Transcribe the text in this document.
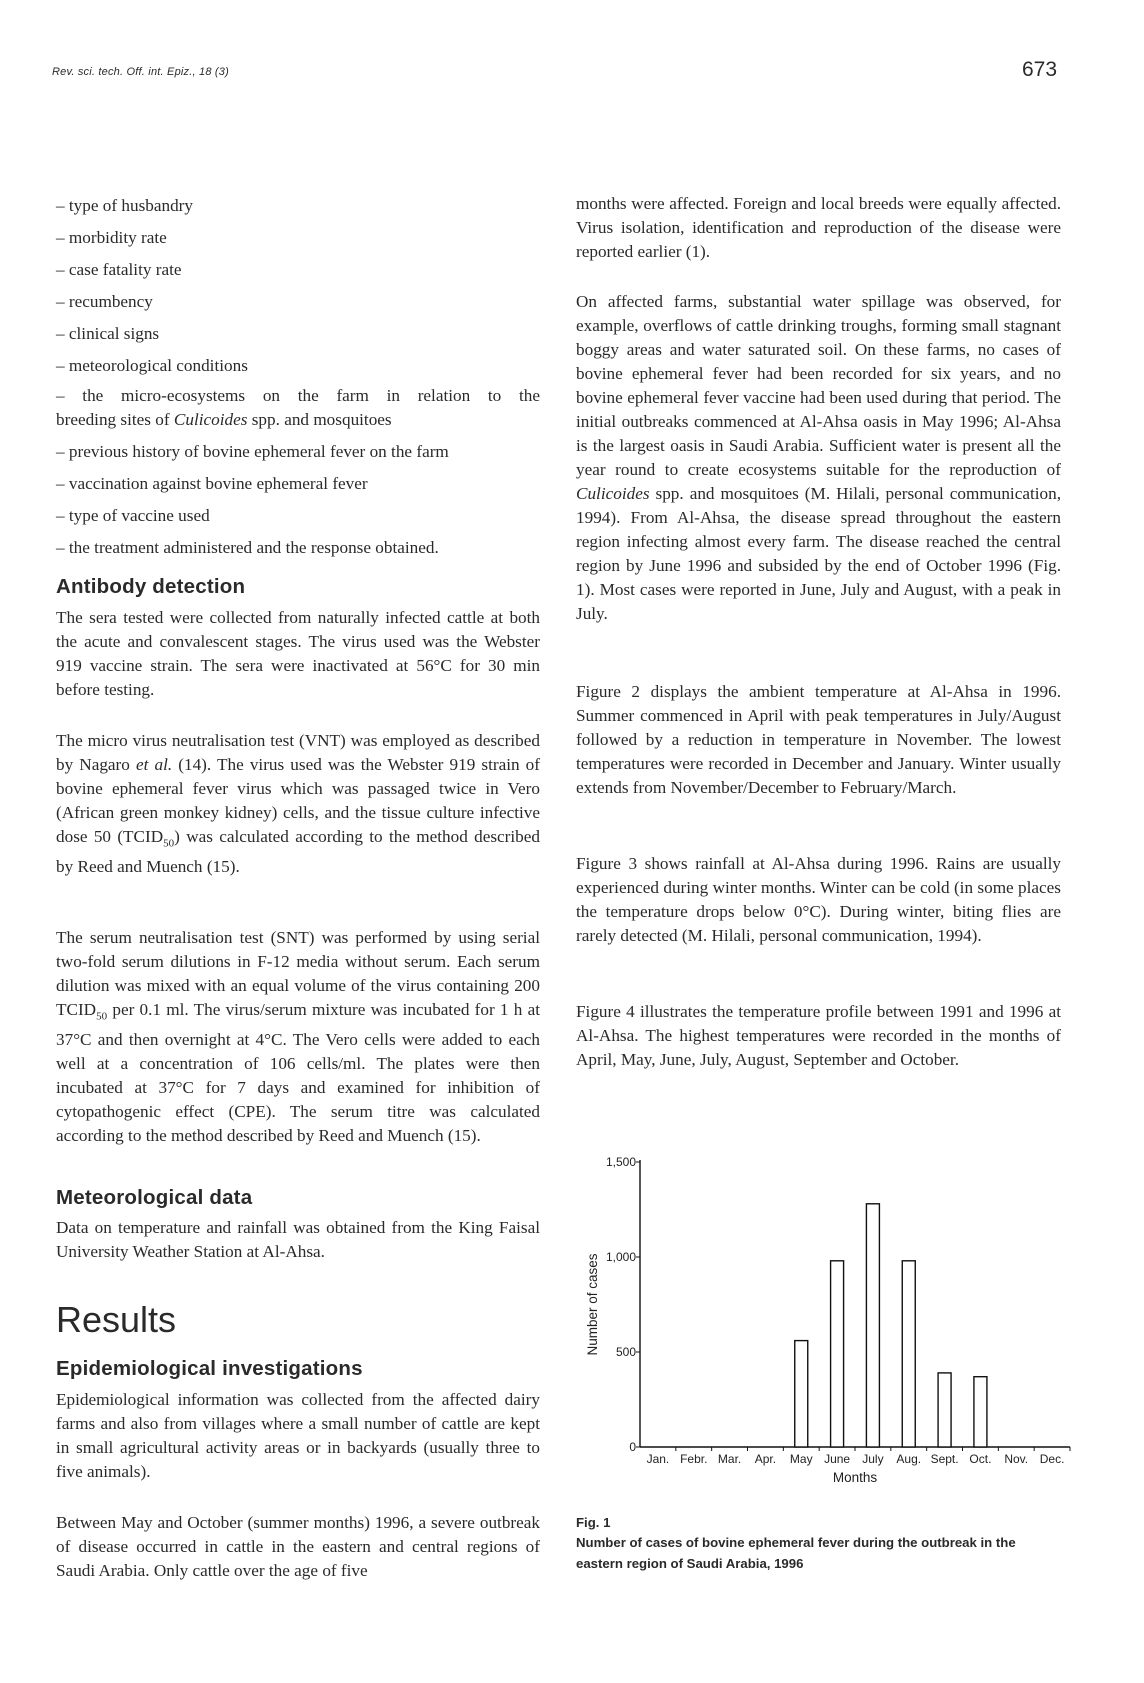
Rev. sci. tech. Off. int. Epiz., 18 (3)	673

– type of husbandry

– morbidity rate

– case fatality rate

– recumbency

– clinical signs

– meteorological conditions

– the micro-ecosystems on the farm in relation to the

breeding sites of Culicoides spp. and mosquitoes

– previous history of bovine ephemeral fever on the farm

– vaccination against bovine ephemeral fever

– type of vaccine used

– the treatment administered and the response obtained.

Antibody detection

The sera tested were collected from naturally infected cattle at both the acute and convalescent stages. The virus used was the Webster 919 vaccine strain. The sera were inactivated at 56°C for 30 min before testing.

The micro virus neutralisation test (VNT) was employed as described by Nagaro et al. (14). The virus used was the Webster 919 strain of bovine ephemeral fever virus which was passaged twice in Vero (African green monkey kidney) cells, and the tissue culture infective dose 50 $(TCID_{50})$ was calculated according to the method described by Reed and Muench (15).

The serum neutralisation test (SNT) was performed by using serial two-fold serum dilutions in F-12 media without serum. Each serum dilution was mixed with an equal volume of the virus containing 200 $TCID_{50}$ per 0.1 ml. The virus/serum mixture was incubated for 1 h at 37°C and then overnight at 4°C. The Vero cells were added to each well at a concentration of 106 cells/ml. The plates were then incubated at 37°C for 7 days and examined for inhibition of cytopathogenic effect (CPE). The serum titre was calculated according to the method described by Reed and Muench (15).

Meteorological data

Data on temperature and rainfall was obtained from the King Faisal University Weather Station at Al-Ahsa.

Results
Epidemiological investigations

Epidemiological information was collected from the affected dairy farms and also from villages where a small number of cattle are kept in small agricultural activity areas or in backyards (usually three to five animals).

Between May and October (summer months) 1996, a severe outbreak of disease occurred in cattle in the eastern and central regions of Saudi Arabia. Only cattle over the age of five

months were affected. Foreign and local breeds were equally affected. Virus isolation, identification and reproduction of the disease were reported earlier (1).

On affected farms, substantial water spillage was observed, for example, overflows of cattle drinking troughs, forming small stagnant boggy areas and water saturated soil. On these farms, no cases of bovine ephemeral fever had been recorded for six years, and no bovine ephemeral fever vaccine had been used during that period. The initial outbreaks commenced at Al-Ahsa oasis in May 1996; Al-Ahsa is the largest oasis in Saudi Arabia. Sufficient water is present all the year round to create ecosystems suitable for the reproduction of Culicoides spp. and mosquitoes (M. Hilali, personal communication, 1994). From Al-Ahsa, the disease spread throughout the eastern region infecting almost every farm. The disease reached the central region by June 1996 and subsided by the end of October 1996 (Fig. 1). Most cases were reported in June, July and August, with a peak in July.

Figure 2 displays the ambient temperature at Al-Ahsa in 1996. Summer commenced in April with peak temperatures in July/August followed by a reduction in temperature in November. The lowest temperatures were recorded in December and January. Winter usually extends from November/December to February/March.

Figure 3 shows rainfall at Al-Ahsa during 1996. Rains are usually experienced during winter months. Winter can be cold (in some places the temperature drops below 0°C). During winter, biting flies are rarely detected (M. Hilali, personal communication, 1994).

Figure 4 illustrates the temperature profile between 1991 and 1996 at Al-Ahsa. The highest temperatures were recorded in the months of April, May, June, July, August, September and October.

Fig. 1

Number of cases of bovine ephemeral fever during the outbreak in the eastern region of Saudi Arabia, 1996

0
500
1,000
1,500
Number of cases
Jan. Febr. Mar. Apr. May June July Aug. Sept. Oct. Nov. Dec.
Months
